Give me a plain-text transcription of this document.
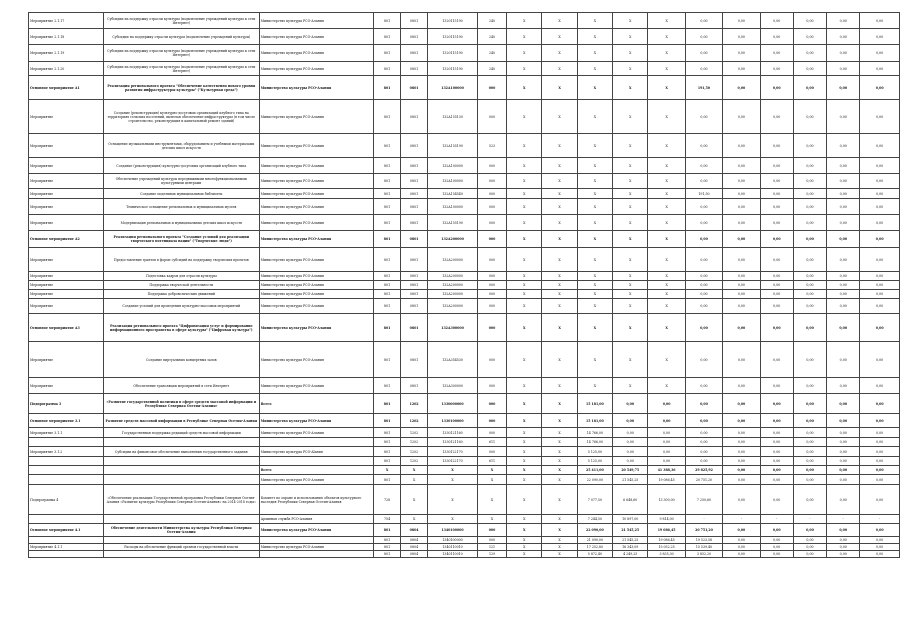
Мероприятие 2.1.17	Субсидии на поддержку отрасли культуры (подключение учреждений культуры к сети Интернет)	Министерство культуры РСО-Алания	801	0801	1320115190	240	X	X	X	X	X	0,00	0,00	0,00	0,00	0,00	0,00
Мероприятие 2.1.18	Субсидии на поддержку отрасли культуры (подключение учреждений культуры)	Министерство культуры РСО-Алания	801	0801	1320115190	240	X	X	X	X	X	0,00	0,00	0,00	0,00	0,00	0,00
Мероприятие 2.1.19	Субсидии на поддержку отрасли культуры (подключение учреждений культуры к сети Интернет)	Министерство культуры РСО-Алания	801	0801	1320115190	240	X	X	X	X	X	0,00	0,00	0,00	0,00	0,00	0,00
Мероприятие 2.1.20	Субсидии на поддержку отрасли культуры (подключение учреждений культуры к сети Интернет)	Министерство культуры РСО-Алания	801	0801	1320115190	240	X	X	X	X	X	0,00	0,00	0,00	0,00	0,00	0,00
Основное мероприятие А1	Реализация регионального проекта "Обеспечение качественно нового уровня развития инфраструктуры культуры" ("Культурная среда")	Министерство культуры РСО-Алания	801	0801	132А100000	000	X	X	X	X	X	191,50	0,00	0,00	0,00	0,00	0,00
Мероприятие	Создание (реконструкция) культурно-досуговых организаций клубного типа на территориях сельских поселений, включая обеспечение инфраструктуры (в том числе строительство, реконструкция и капитальный ремонт зданий)	Министерство культуры РСО-Алания	801	0801	132А155130	000	X	X	X	X	X	0,00	0,00	0,00	0,00	0,00	0,00
Мероприятие	Оснащение музыкальными инструментами, оборудованием и учебными материалами детских школ искусств	Министерство культуры РСО-Алания	801	0801	132А155190	523	X	X	X	X	X	0,00	0,00	0,00	0,00	0,00	0,00
Мероприятие	Создание (реконструкция) культурно-досуговых организаций клубного типа	Министерство культуры РСО-Алания	801	0801	132А100000	000	X	X	X	X	X	0,00	0,00	0,00	0,00	0,00	0,00
Мероприятие	Обеспечение учреждений культуры передвижными многофункциональными культурными центрами	Министерство культуры РСО-Алания	801	0801	132А100000	000	X	X	X	X	X	0,00	0,00	0,00	0,00	0,00	0,00
Мероприятие	Создание модельных муниципальных библиотек	Министерство культуры РСО-Алания	801	0801	132А154540	000	X	X	X	X	X	191,50	0,00	0,00	0,00	0,00	0,00
Мероприятие	Техническое оснащение региональных и муниципальных музеев	Министерство культуры РСО-Алания	801	0801	132А100000	000	X	X	X	X	X	0,00	0,00	0,00	0,00	0,00	0,00
Мероприятие	Модернизация региональных и муниципальных детских школ искусств	Министерство культуры РСО-Алания	801	0801	132А155190	000	X	X	X	X	X	0,00	0,00	0,00	0,00	0,00	0,00
Основное мероприятие А2	Реализация регионального проекта "Создание условий для реализации творческого потенциала нации" ("Творческие люди")	Министерство культуры РСО-Алания	801	0801	132А200000	000	X	X	X	X	X	0,00	0,00	0,00	0,00	0,00	0,00
Мероприятие	Предоставление грантов в форме субсидий на поддержку творческих проектов	Министерство культуры РСО-Алания	801	0801	132А200000	000	X	X	X	X	X	0,00	0,00	0,00	0,00	0,00	0,00
Мероприятие	Подготовка кадров для отрасли культуры	Министерство культуры РСО-Алания	801	0801	132А200000	000	X	X	X	X	X	0,00	0,00	0,00	0,00	0,00	0,00
Мероприятие	Поддержка творческой деятельности	Министерство культуры РСО-Алания	801	0801	132А200000	000	X	X	X	X	X	0,00	0,00	0,00	0,00	0,00	0,00
Мероприятие	Поддержка добровольческих движений	Министерство культуры РСО-Алания	801	0801	132А200000	000	X	X	X	X	X	0,00	0,00	0,00	0,00	0,00	0,00
Мероприятие	Создание условий для проведения культурно-массовых мероприятий	Министерство культуры РСО-Алания	801	0801	132А200000	000	X	X	X	X	X	0,00	0,00	0,00	0,00	0,00	0,00
Основное мероприятие А3	Реализация регионального проекта "Цифровизация услуг и формирование информационного пространства в сфере культуры" ("Цифровая культура")	Министерство культуры РСО-Алания	801	0801	132А300000	000	X	X	X	X	X	0,00	0,00	0,00	0,00	0,00	0,00
Мероприятие	Создание виртуальных концертных залов	Министерство культуры РСО-Алания	801	0801	132А354530	000	X	X	X	X	X	0,00	0,00	0,00	0,00	0,00	0,00
Мероприятие	Обеспечение трансляции мероприятий в сети Интернет	Министерство культуры РСО-Алания	801	0801	132А300000	000	X	X	X	X	X	0,00	0,00	0,00	0,00	0,00	0,00
Подпрограмма 3	«Развитие государственной политики в сфере средств массовой информации и Республике Северная Осетия-Алания»	Всего	801	1202	1330000000	000	X	X	15 181,00	0,00	0,00	0,00	0,00	0,00	0,00	0,00	0,00
Основное мероприятие 3.1	Развитие средств массовой информации в Республике Северная Осетия-Алания	Министерство культуры РСО-Алания	801	1202	1330100000	000	X	X	15 181,00	0,00	0,00	0,00	0,00	0,00	0,00	0,00	0,00
Мероприятие 3.1.1	Государственная поддержка редакций средств массовой информации	Министерство культуры РСО-Алания	801	1202	1330121160	000	X	X	14 766,00	0,00	0,00	0,00	0,00	0,00	0,00	0,00	0,00
			801	1202	1330121160	611	X	X	14 766,00	0,00	0,00	0,00	0,00	0,00	0,00	0,00	0,00
Мероприятие 3.1.2	Субсидии на финансовое обеспечение выполнения государственного задания	Министерство культуры РСО-Alания	801	1202	1330122170	000	X	X	5 125,00	0,00	0,00	0,00	0,00	0,00	0,00	0,00	0,00
			801	1202	1330122170	611	X	X	5 125,00	0,00	0,00	0,00	0,00	0,00	0,00	0,00	0,00
		Всего	X	X	X	X	X	X	25 411,00	20 549,75	41 388,36	29 825,92	0,00	0,00	0,00	0,00	0,00
		Министерство культуры РСО-Алания	801	X	X	X	X	X	22 090,00	21 545,25	19 086,45	20 751,20	0,00	0,00	0,00	0,00	0,00
Подпрограмма 4	«Обеспечение реализации Государственной программы Республики Северная Осетия-Алания «Развитие культуры Республики Северная Осетия-Алания» на 2014-2018 годы»	Комитет по охране и использованию объектов культурного наследия Республики Северная Осетия-Алания	728	X	X	X	X	X	7 077,50	6 648,60	13 300,00	7 250,60	0,00	0,00	0,00	0,00	0,00
		Архивная служба РСО-Алания	754	X	X	X	X	X	7 244,50	10 897,00	9 814,00	-	-	-	-	-	-
Основное мероприятие 4.1	Обеспечение деятельности Министерства культуры Республики Северная Осетия-Алания	Министерство культуры РСО-Алания	801	0804	1340100000	000	X	X	22 090,00	21 545,25	19 086,45	20 751,20	0,00	0,00	0,00	0,00	0,00
			801	0804	1340100000	000	X	X	21 090,00	21 545,25	19 086,45	19 523,58	0,00	0,00	0,00	0,00	0,00
Мероприятие 4.1.1	Расходы на обеспечение функций органов государственной власти	Министерство культуры РСО-Алания	801	0804	1340110010	121	X	X	17 252,80	16 343,09	15 052,25	15 539,40	0,00	0,00	0,00	0,00	0,00
			801	0804	1340110010	129	X	X	5 872,40	4 249,25	3 835,30	3 852,20	0,00	0,00	0,00	0,00	0,00
